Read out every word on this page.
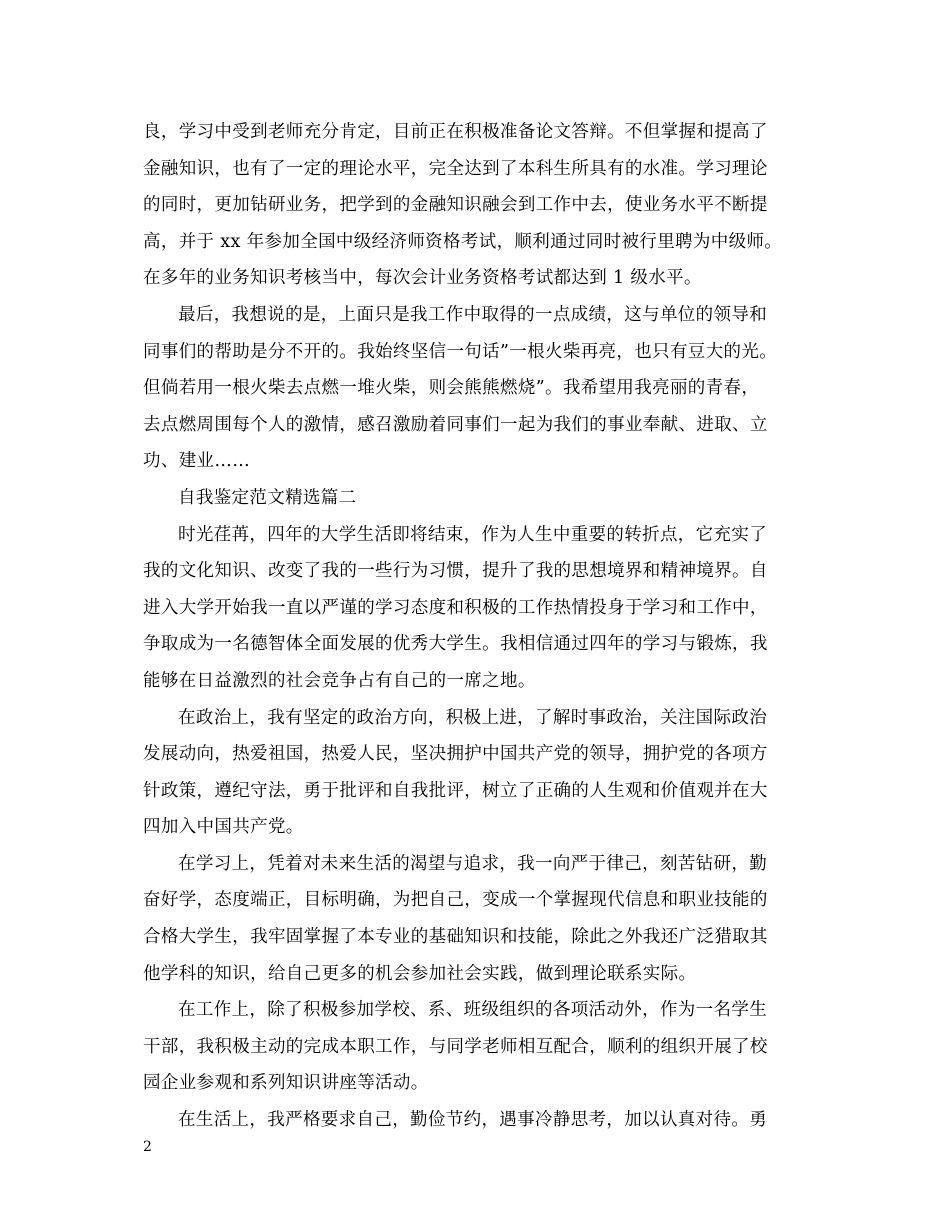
良，学习中受到老师充分肯定，目前正在积极准备论文答辩。不但掌握和提高了
金融知识，也有了一定的理论水平，完全达到了本科生所具有的水准。学习理论
的同时，更加钻研业务，把学到的金融知识融会到工作中去，使业务水平不断提
高，并于 xx 年参加全国中级经济师资格考试，顺利通过同时被行里聘为中级师。
在多年的业务知识考核当中，每次会计业务资格考试都达到 1 级水平。
最后，我想说的是，上面只是我工作中取得的一点成绩，这与单位的领导和
同事们的帮助是分不开的。我始终坚信一句话”一根火柴再亮，也只有豆大的光。
但倘若用一根火柴去点燃一堆火柴，则会熊熊燃烧”。我希望用我亮丽的青春，
去点燃周围每个人的激情，感召激励着同事们一起为我们的事业奉献、进取、立
功、建业……
自我鉴定范文精选篇二
时光荏苒，四年的大学生活即将结束，作为人生中重要的转折点，它充实了
我的文化知识、改变了我的一些行为习惯，提升了我的思想境界和精神境界。自
进入大学开始我一直以严谨的学习态度和积极的工作热情投身于学习和工作中，
争取成为一名德智体全面发展的优秀大学生。我相信通过四年的学习与锻炼，我
能够在日益激烈的社会竞争占有自己的一席之地。
在政治上，我有坚定的政治方向，积极上进，了解时事政治，关注国际政治
发展动向，热爱祖国，热爱人民，坚决拥护中国共产党的领导，拥护党的各项方
针政策，遵纪守法，勇于批评和自我批评，树立了正确的人生观和价值观并在大
四加入中国共产党。
在学习上，凭着对未来生活的渴望与追求，我一向严于律己，刻苦钻研，勤
奋好学，态度端正，目标明确，为把自己，变成一个掌握现代信息和职业技能的
合格大学生，我牢固掌握了本专业的基础知识和技能，除此之外我还广泛猎取其
他学科的知识，给自己更多的机会参加社会实践，做到理论联系实际。
在工作上，除了积极参加学校、系、班级组织的各项活动外，作为一名学生
干部，我积极主动的完成本职工作，与同学老师相互配合，顺利的组织开展了校
园企业参观和系列知识讲座等活动。
在生活上，我严格要求自己，勤俭节约，遇事冷静思考，加以认真对待。勇
2
